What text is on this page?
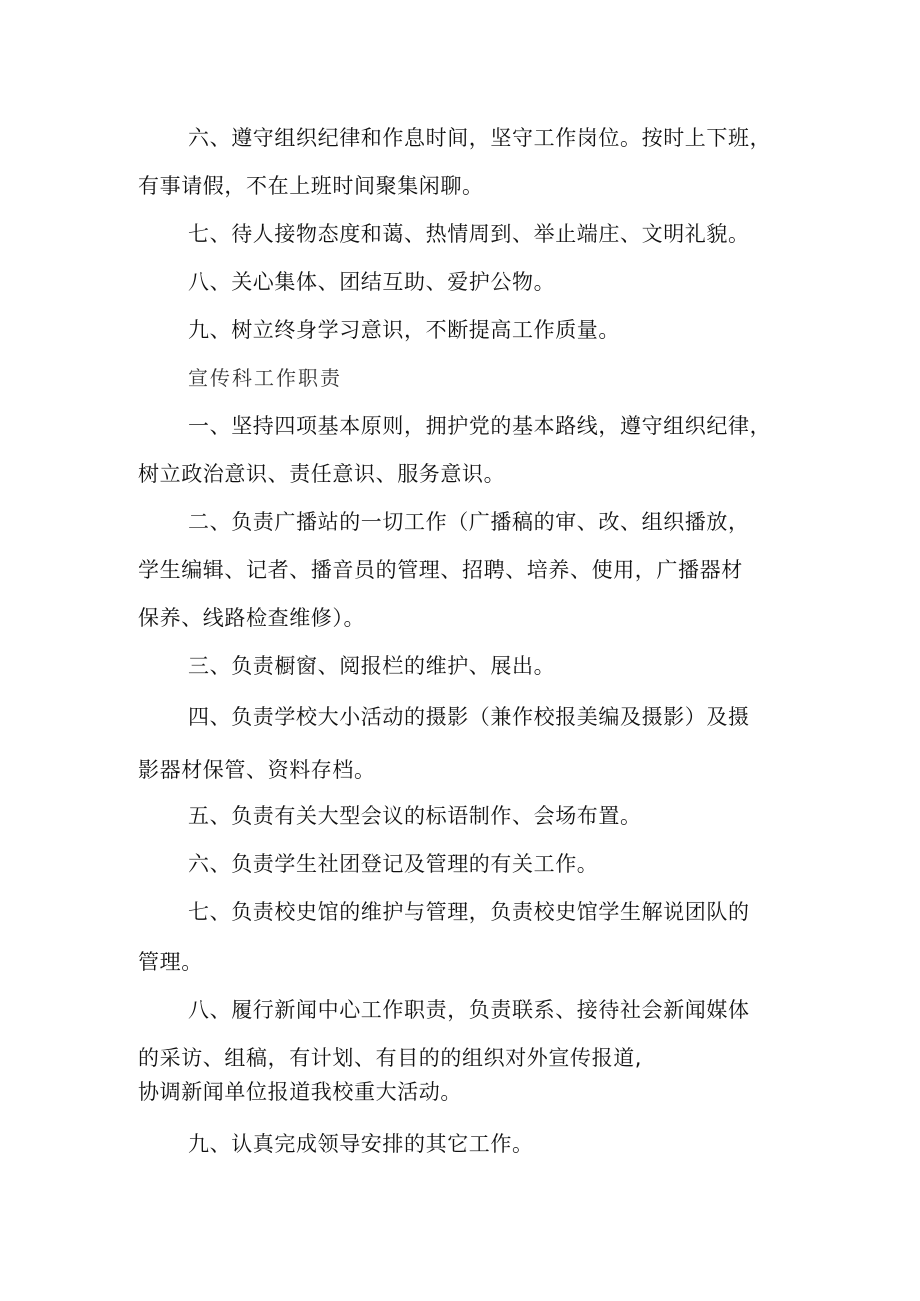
六、遵守组织纪律和作息时间，坚守工作岗位。按时上下班，
有事请假，不在上班时间聚集闲聊。
七、待人接物态度和蔼、热情周到、举止端庄、文明礼貌。
八、关心集体、团结互助、爱护公物。
九、树立终身学习意识，不断提高工作质量。
宣传科工作职责
一、坚持四项基本原则，拥护党的基本路线，遵守组织纪律，
树立政治意识、责任意识、服务意识。
二、负责广播站的一切工作（广播稿的审、改、组织播放，
学生编辑、记者、播音员的管理、招聘、培养、使用，广播器材
保养、线路检查维修）。
三、负责橱窗、阅报栏的维护、展出。
四、负责学校大小活动的摄影（兼作校报美编及摄影）及摄
影器材保管、资料存档。
五、负责有关大型会议的标语制作、会场布置。
六、负责学生社团登记及管理的有关工作。
七、负责校史馆的维护与管理，负责校史馆学生解说团队的
管理。
八、履行新闻中心工作职责，负责联系、接待社会新闻媒体
的采访、组稿，有计划、有目的的组织对外宣传报道,
协调新闻单位报道我校重大活动。
九、认真完成领导安排的其它工作。
